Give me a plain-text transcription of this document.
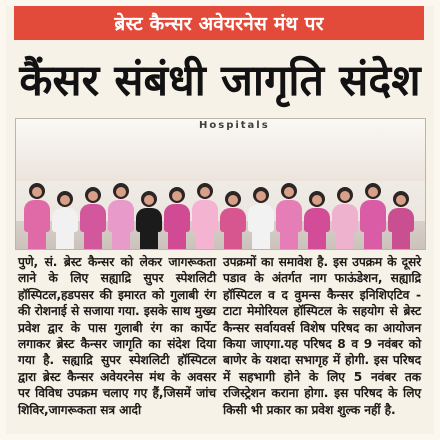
ब्रेस्ट कैन्सर अवेयरनेस मंथ पर
कैंसर संबंधी जागृति संदेश
Hospitals

पुणे, सं. ब्रेस्ट कैन्सर को लेकर जागरूकता लाने के लिए सह्याद्रि सुपर स्पेशलिटी हॉस्पिटल,हडपसर की इमारत को गुलाबी रंग की रोशनाई से सजाया गया. इसके साथ मुख्य प्रवेश द्वार के पास गुलाबी रंग का कार्पेट लगाकर ब्रेस्ट कैन्सर जागृति का संदेश दिया गया है. सह्याद्रि सुपर स्पेशलिटी हॉस्पिटल द्वारा ब्रेस्ट कैन्सर अवेयरनेस मंथ के अवसर पर विविध उपक्रम चलाए गए हैं,जिसमें जांच शिविर,जागरूकता सत्र आदी

उपक्रमों का समावेश है. इस उपक्रम के दूसरे पडाव के अंतर्गत नाग फाऊंडेशन, सह्याद्रि हॉस्पिटल व द वुमन्स कैन्सर इनिशिएटिव - टाटा मेमोरियल हॉस्पिटल के सहयोग से ब्रेस्ट कैन्सर सर्वायवर्स विशेष परिषद का आयोजन किया जाएगा.यह परिषद 8 व 9 नवंबर को बाणेर के यशदा सभागृह में होगी. इस परिषद में सहभागी होने के लिए 5 नवंबर तक रजिस्ट्रेशन कराना होगा. इस परिषद के लिए किसी भी प्रकार का प्रवेश शुल्क नहीं है.
